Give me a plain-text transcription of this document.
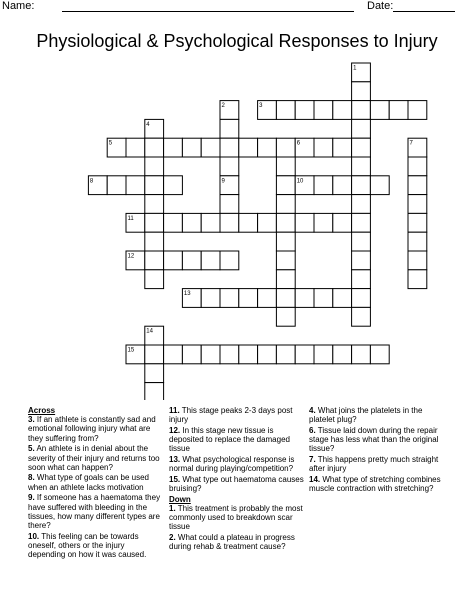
Name:	Date:
Physiological & Psychological Responses to Injury
1
2	3
4
5	6	7
8	9	10
11
12
13
14
15
Across
3. If an athlete is constantly sad and emotional following injury what are they suffering from?
5. An athlete is in denial about the severity of their injury and returns too soon what can happen?
8. What type of goals can be used when an athlete lacks motivation
9. If someone has a haematoma they have suffered with bleeding in the tissues, how many different types are there?
10. This feeling can be towards oneself, others or the injury depending on how it was caused.
11. This stage peaks 2-3 days post injury
12. In this stage new tissue is deposited to replace the damaged tissue
13. What psychological response is normal during playing/competition?
15. What type out haematoma causes bruising?
Down
1. This treatment is probably the most commonly used to breakdown scar tissue
2. What could a plateau in progress during rehab & treatment cause?
4. What joins the platelets in the platelet plug?
6. Tissue laid down during the repair stage has less what than the original tissue?
7. This happens pretty much straight after injury
14. What type of stretching combines muscle contraction with stretching?
